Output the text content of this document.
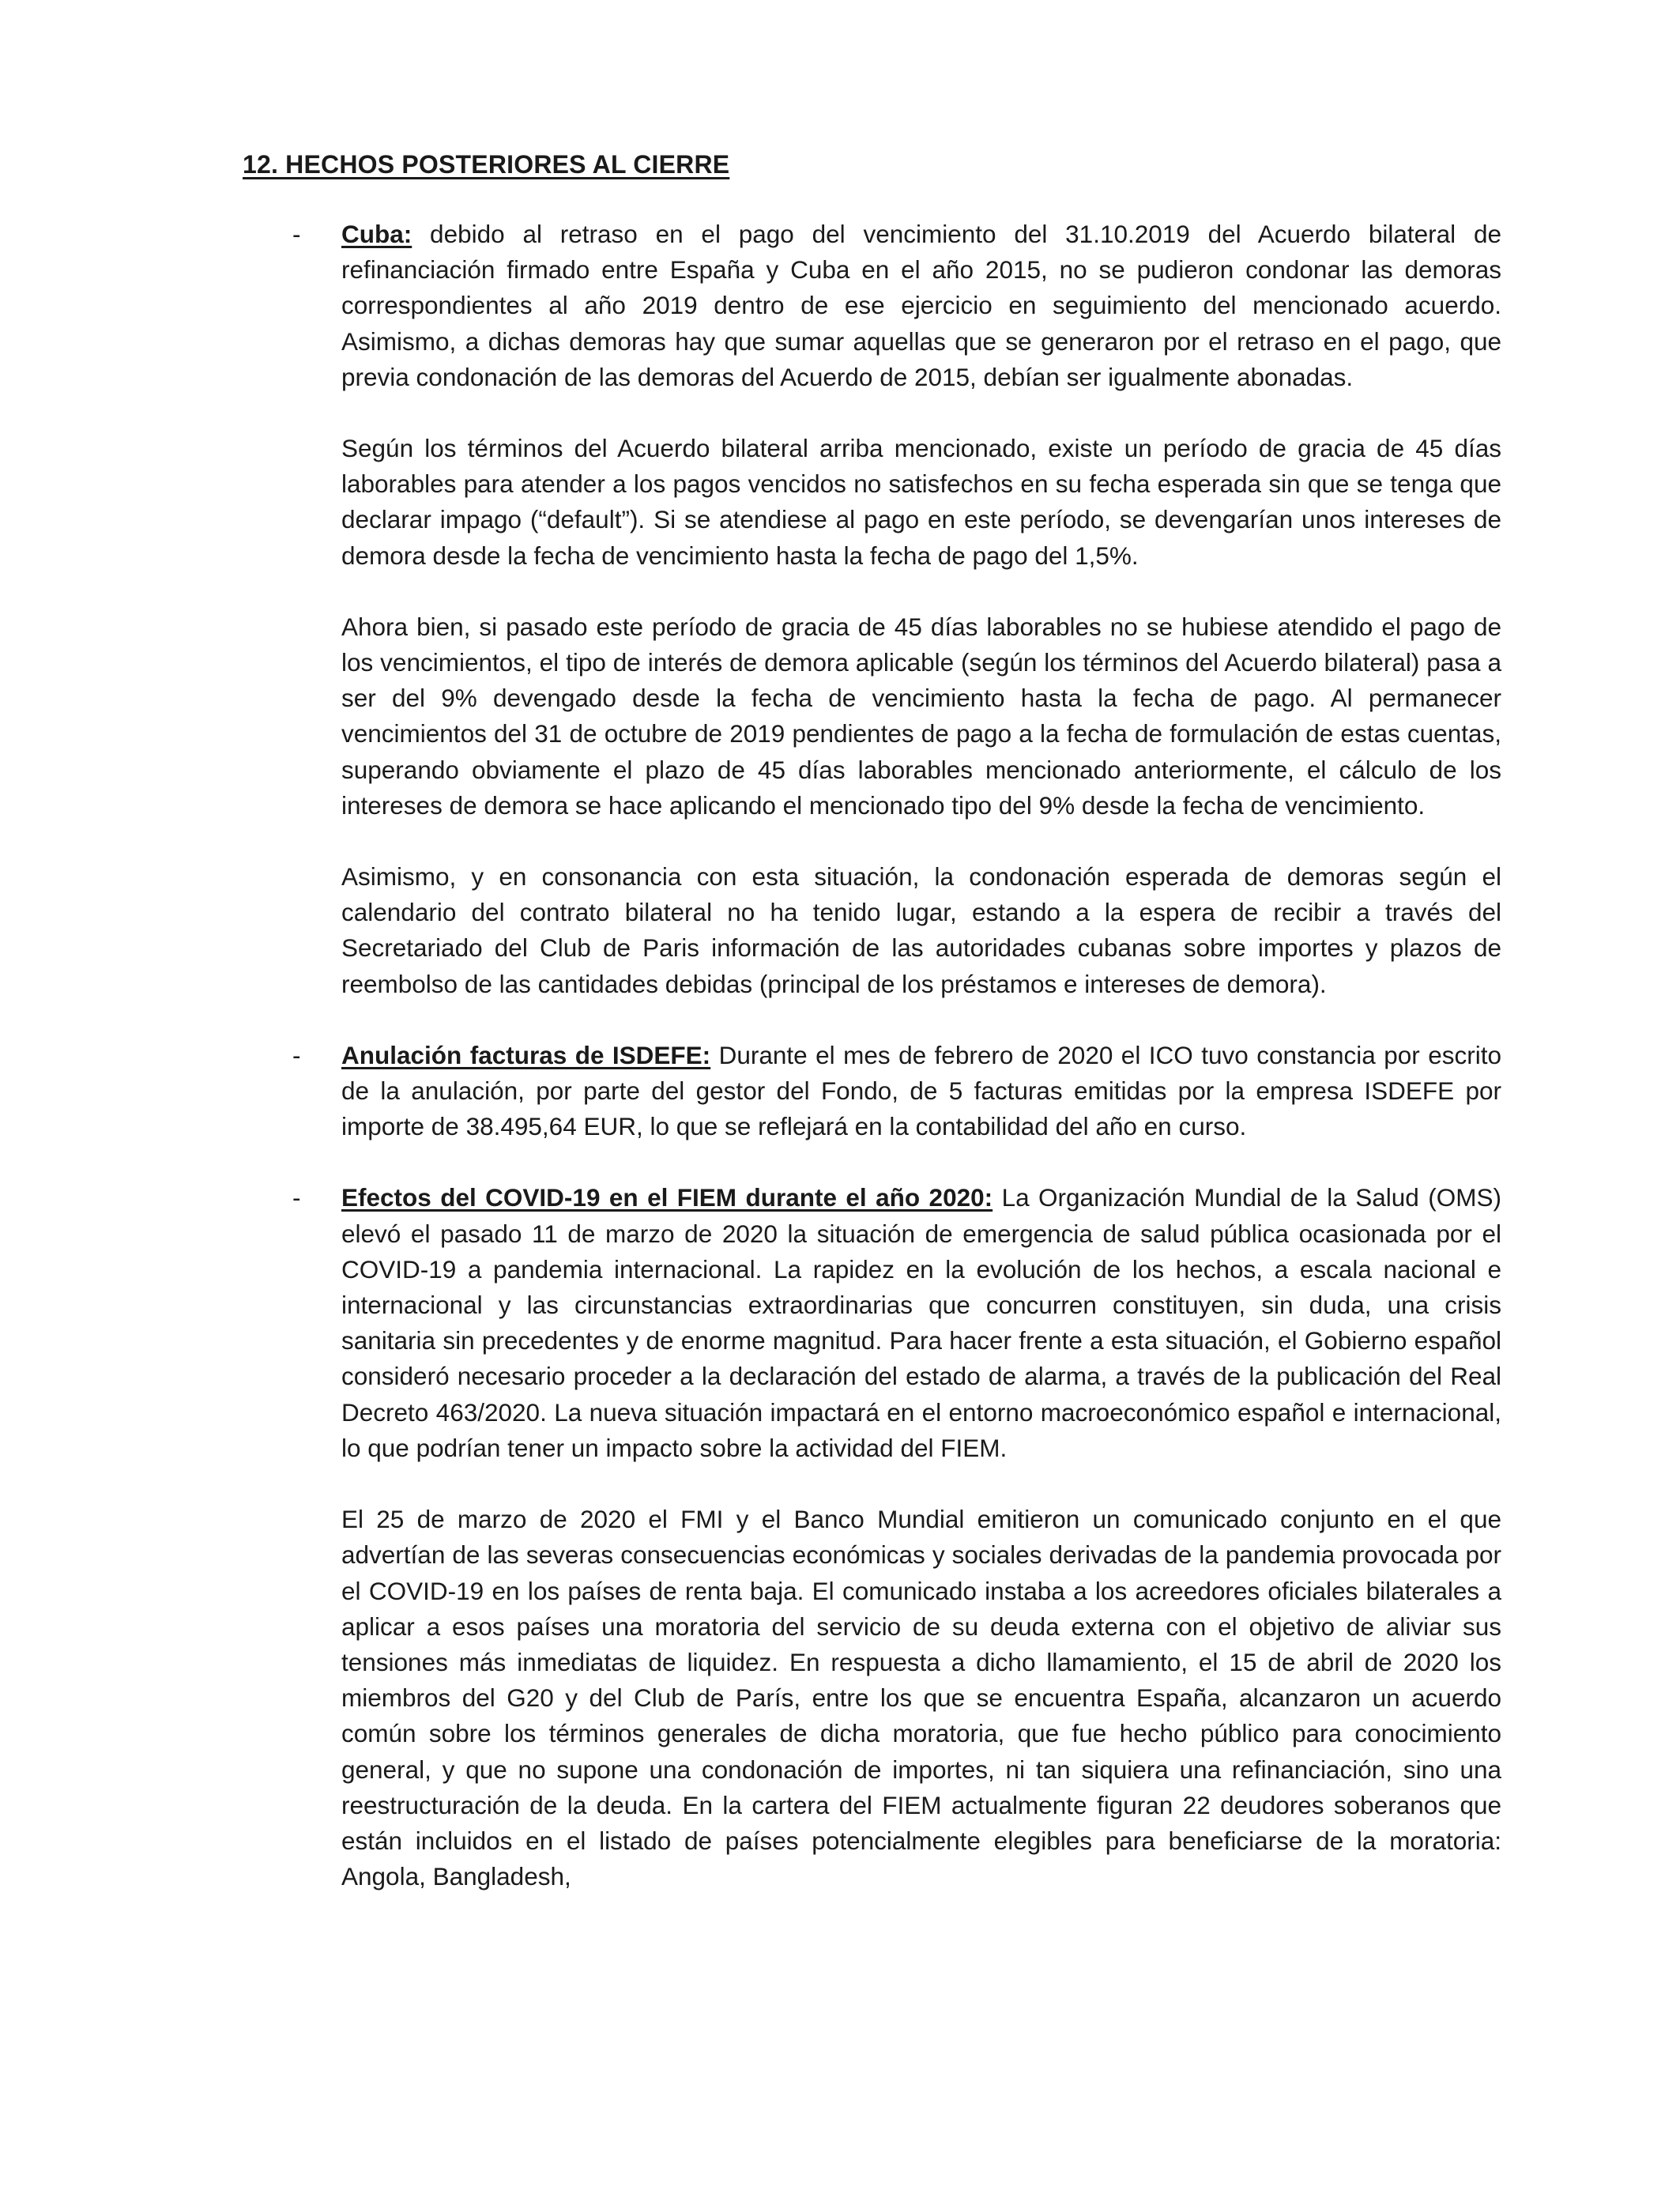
12. HECHOS POSTERIORES AL CIERRE
-	Cuba: debido al retraso en el pago del vencimiento del 31.10.2019 del Acuerdo bilateral de refinanciación firmado entre España y Cuba en el año 2015, no se pudieron condonar las demoras correspondientes al año 2019 dentro de ese ejercicio en seguimiento del mencionado acuerdo. Asimismo, a dichas demoras hay que sumar aquellas que se generaron por el retraso en el pago, que previa condonación de las demoras del Acuerdo de 2015, debían ser igualmente abonadas.

Según los términos del Acuerdo bilateral arriba mencionado, existe un período de gracia de 45 días laborables para atender a los pagos vencidos no satisfechos en su fecha esperada sin que se tenga que declarar impago (“default”). Si se atendiese al pago en este período, se devengarían unos intereses de demora desde la fecha de vencimiento hasta la fecha de pago del 1,5%.

Ahora bien, si pasado este período de gracia de 45 días laborables no se hubiese atendido el pago de los vencimientos, el tipo de interés de demora aplicable (según los términos del Acuerdo bilateral) pasa a ser del 9% devengado desde la fecha de vencimiento hasta la fecha de pago. Al permanecer vencimientos del 31 de octubre de 2019 pendientes de pago a la fecha de formulación de estas cuentas, superando obviamente el plazo de 45 días laborables mencionado anteriormente, el cálculo de los intereses de demora se hace aplicando el mencionado tipo del 9% desde la fecha de vencimiento.

Asimismo, y en consonancia con esta situación, la condonación esperada de demoras según el calendario del contrato bilateral no ha tenido lugar, estando a la espera de recibir a través del Secretariado del Club de Paris información de las autoridades cubanas sobre importes y plazos de reembolso de las cantidades debidas (principal de los préstamos e intereses de demora).

-	Anulación facturas de ISDEFE: Durante el mes de febrero de 2020 el ICO tuvo constancia por escrito de la anulación, por parte del gestor del Fondo, de 5 facturas emitidas por la empresa ISDEFE por importe de 38.495,64 EUR, lo que se reflejará en la contabilidad del año en curso.

-	Efectos del COVID-19 en el FIEM durante el año 2020: La Organización Mundial de la Salud (OMS) elevó el pasado 11 de marzo de 2020 la situación de emergencia de salud pública ocasionada por el COVID-19 a pandemia internacional. La rapidez en la evolución de los hechos, a escala nacional e internacional y las circunstancias extraordinarias que concurren constituyen, sin duda, una crisis sanitaria sin precedentes y de enorme magnitud. Para hacer frente a esta situación, el Gobierno español consideró necesario proceder a la declaración del estado de alarma, a través de la publicación del Real Decreto 463/2020. La nueva situación impactará en el entorno macroeconómico español e internacional, lo que podrían tener un impacto sobre la actividad del FIEM.

El 25 de marzo de 2020 el FMI y el Banco Mundial emitieron un comunicado conjunto en el que advertían de las severas consecuencias económicas y sociales derivadas de la pandemia provocada por el COVID-19 en los países de renta baja. El comunicado instaba a los acreedores oficiales bilaterales a aplicar a esos países una moratoria del servicio de su deuda externa con el objetivo de aliviar sus tensiones más inmediatas de liquidez. En respuesta a dicho llamamiento, el 15 de abril de 2020 los miembros del G20 y del Club de París, entre los que se encuentra España, alcanzaron un acuerdo común sobre los términos generales de dicha moratoria, que fue hecho público para conocimiento general, y que no supone una condonación de importes, ni tan siquiera una refinanciación, sino una reestructuración de la deuda. En la cartera del FIEM actualmente figuran 22 deudores soberanos que están incluidos en el listado de países potencialmente elegibles para beneficiarse de la moratoria: Angola, Bangladesh,
